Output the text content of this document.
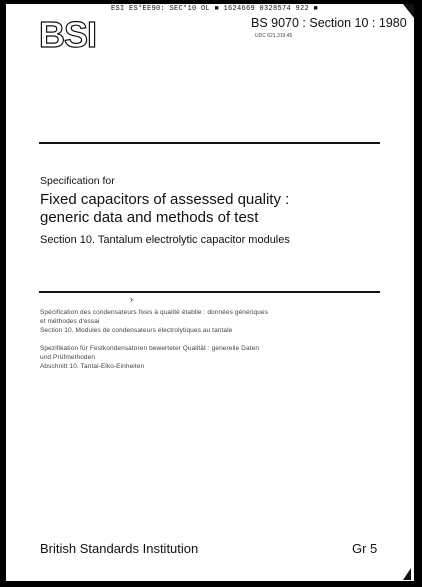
ESI ES*EE90: SEC*10 OL ■ 1624669 0328574 922 ■
BSI	BS 9070 : Section 10 : 1980
UDC 621.319.45
Specification for
Fixed capacitors of assessed quality :
generic data and methods of test
Section 10. Tantalum electrolytic capacitor modules
›
Spécification des condensateurs fixes à qualité établie : données génériques
et méthodes d'essai
Section 10. Modules de condensateurs électrolytiques au tantale
Spezifikation für Festkondensatoren bewerteter Qualität : generelle Daten
und Prüfmethoden
Abschnitt 10. Tantal-Elko-Einheiten
British Standards Institution	Gr 5
